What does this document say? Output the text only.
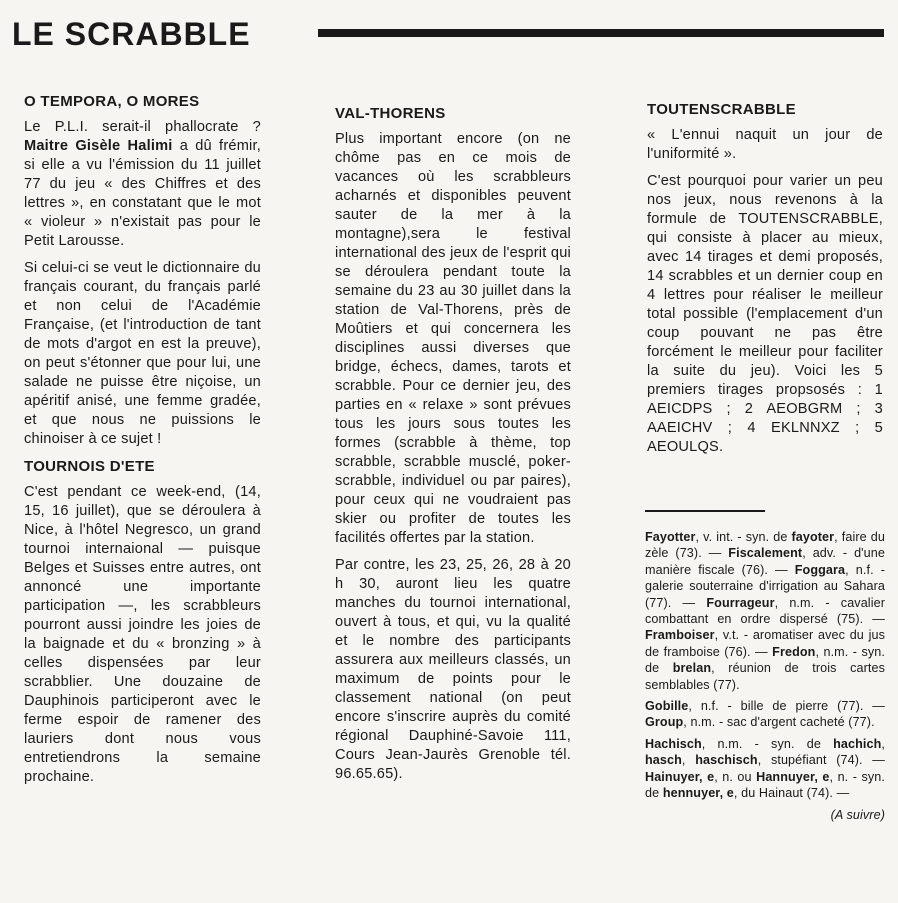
LE SCRABBLE
O TEMPORA, O MORES

Le P.L.I. serait-il phallocrate ? Maitre Gisèle Halimi a dû frémir, si elle a vu l'émission du 11 juillet 77 du jeu « des Chiffres et des lettres », en constatant que le mot « violeur » n'existait pas pour le Petit Larousse.

Si celui-ci se veut le dictionnaire du français courant, du français parlé et non celui de l'Académie Française, (et l'introduction de tant de mots d'argot en est la preuve), on peut s'étonner que pour lui, une salade ne puisse être niçoise, un apéritif anisé, une femme gradée, et que nous ne puissions le chinoiser à ce sujet !

TOURNOIS D'ETE

C'est pendant ce week-end, (14, 15, 16 juillet), que se déroulera à Nice, à l'hôtel Negresco, un grand tournoi internaional — puisque Belges et Suisses entre autres, ont annoncé une importante participation —, les scrabbleurs pourront aussi joindre les joies de la baignade et du « bronzing » à celles dispensées par leur scrabblier. Une douzaine de Dauphinois participeront avec le ferme espoir de ramener des lauriers dont nous vous entretiendrons la semaine prochaine.

VAL-THORENS

Plus important encore (on ne chôme pas en ce mois de vacances où les scrabbleurs acharnés et disponibles peuvent sauter de la mer à la montagne),sera le festival international des jeux de l'esprit qui se déroulera pendant toute la semaine du 23 au 30 juillet dans la station de Val-Thorens, près de Moûtiers et qui concernera les disciplines aussi diverses que bridge, échecs, dames, tarots et scrabble. Pour ce dernier jeu, des parties en « relaxe » sont prévues tous les jours sous toutes les formes (scrabble à thème, top scrabble, scrabble musclé, poker-scrabble, individuel ou par paires), pour ceux qui ne voudraient pas skier ou profiter de toutes les facilités offertes par la station.

Par contre, les 23, 25, 26, 28 à 20 h 30, auront lieu les quatre manches du tournoi international, ouvert à tous, et qui, vu la qualité et le nombre des participants assurera aux meilleurs classés, un maximum de points pour le classement national (on peut encore s'inscrire auprès du comité régional Dauphiné-Savoie 111, Cours Jean-Jaurès Grenoble tél. 96.65.65).

TOUTENSCRABBLE

« L'ennui naquit un jour de l'uniformité ».

C'est pourquoi pour varier un peu nos jeux, nous revenons à la formule de TOUTENSCRABBLE, qui consiste à placer au mieux, avec 14 tirages et demi proposés, 14 scrabbles et un dernier coup en 4 lettres pour réaliser le meilleur total possible (l'emplacement d'un coup pouvant ne pas être forcément le meilleur pour faciliter la suite du jeu). Voici les 5 premiers tirages propsosés : 1 AEICDPS ; 2 AEOBGRM ; 3 AAEICHV ; 4 EKLNNXZ ; 5 AEOULQS.

Fayotter, v. int. - syn. de fayoter, faire du zèle (73). — Fiscalement, adv. - d'une manière fiscale (76). — Foggara, n.f. - galerie souterraine d'irrigation au Sahara (77). — Fourrageur, n.m. - cavalier combattant en ordre dispersé (75). — Framboiser, v.t. - aromatiser avec du jus de framboise (76). — Fredon, n.m. - syn. de brelan, réunion de trois cartes semblables (77).

Gobille, n.f. - bille de pierre (77). — Group, n.m. - sac d'argent cacheté (77).

Hachisch, n.m. - syn. de hachich, hasch, haschisch, stupéfiant (74). — Hainuyer, e, n. ou Hannuyer, e, n. - syn. de hennuyer, e, du Hainaut (74). —

(A suivre)
